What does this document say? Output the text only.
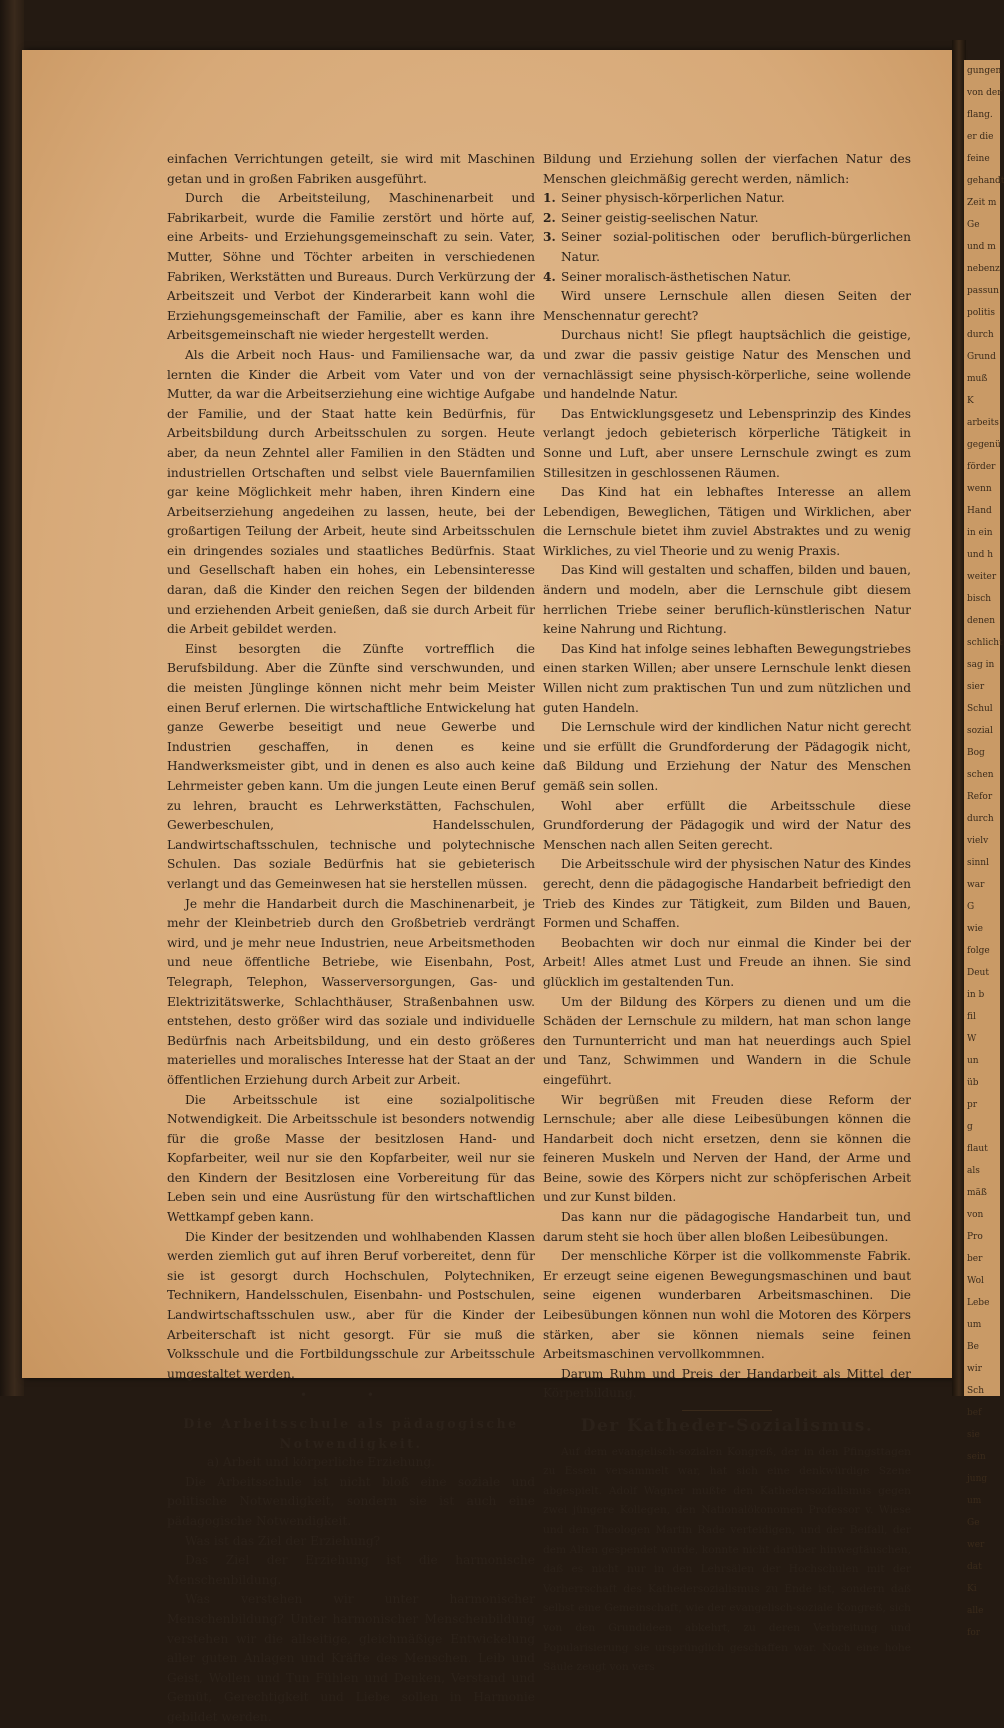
einfachen Verrichtungen geteilt, sie wird mit Maschinen getan und in großen Fabriken ausgeführt.

Durch die Arbeitsteilung, Maschinenarbeit und Fabrikarbeit, wurde die Familie zerstört und hörte auf, eine Arbeits- und Erziehungsgemeinschaft zu sein. Vater, Mutter, Söhne und Töchter arbeiten in verschiedenen Fabriken, Werkstätten und Bureaus. Durch Verkürzung der Arbeitszeit und Verbot der Kinderarbeit kann wohl die Erziehungsgemeinschaft der Familie, aber es kann ihre Arbeitsgemeinschaft nie wieder hergestellt werden.

Als die Arbeit noch Haus- und Familiensache war, da lernten die Kinder die Arbeit vom Vater und von der Mutter, da war die Arbeitserziehung eine wichtige Aufgabe der Familie, und der Staat hatte kein Bedürfnis, für Arbeitsbildung durch Arbeitsschulen zu sorgen. Heute aber, da neun Zehntel aller Familien in den Städten und industriellen Ortschaften und selbst viele Bauernfamilien gar keine Möglichkeit mehr haben, ihren Kindern eine Arbeitserziehung angedeihen zu lassen, heute, bei der großartigen Teilung der Arbeit, heute sind Arbeitsschulen ein dringendes soziales und staatliches Bedürfnis. Staat und Gesellschaft haben ein hohes, ein Lebensinteresse daran, daß die Kinder den reichen Segen der bildenden und erziehenden Arbeit genießen, daß sie durch Arbeit für die Arbeit gebildet werden.

Einst besorgten die Zünfte vortrefflich die Berufsbildung. Aber die Zünfte sind verschwunden, und die meisten Jünglinge können nicht mehr beim Meister einen Beruf erlernen. Die wirtschaftliche Entwickelung hat ganze Gewerbe beseitigt und neue Gewerbe und Industrien geschaffen, in denen es keine Handwerksmeister gibt, und in denen es also auch keine Lehrmeister geben kann. Um die jungen Leute einen Beruf zu lehren, braucht es Lehrwerkstätten, Fachschulen, Gewerbeschulen, Handelsschulen, Landwirtschaftsschulen, technische und polytechnische Schulen. Das soziale Bedürfnis hat sie gebieterisch verlangt und das Gemeinwesen hat sie herstellen müssen.

Je mehr die Handarbeit durch die Maschinenarbeit, je mehr der Kleinbetrieb durch den Großbetrieb verdrängt wird, und je mehr neue Industrien, neue Arbeitsmethoden und neue öffentliche Betriebe, wie Eisenbahn, Post, Telegraph, Telephon, Wasserversorgungen, Gas- und Elektrizitätswerke, Schlachthäuser, Straßenbahnen usw. entstehen, desto größer wird das soziale und individuelle Bedürfnis nach Arbeitsbildung, und ein desto größeres materielles und moralisches Interesse hat der Staat an der öffentlichen Erziehung durch Arbeit zur Arbeit.

Die Arbeitsschule ist eine sozialpolitische Notwendigkeit. Die Arbeitsschule ist besonders notwendig für die große Masse der besitzlosen Hand- und Kopfarbeiter, weil nur sie den Kopfarbeiter, weil nur sie den Kindern der Besitzlosen eine Vorbereitung für das Leben sein und eine Ausrüstung für den wirtschaftlichen Wettkampf geben kann.

Die Kinder der besitzenden und wohlhabenden Klassen werden ziemlich gut auf ihren Beruf vorbereitet, denn für sie ist gesorgt durch Hochschulen, Polytechniken, Technikern, Handelsschulen, Eisenbahn- und Postschulen, Landwirtschaftsschulen usw., aber für die Kinder der Arbeiterschaft ist nicht gesorgt. Für sie muß die Volksschule und die Fortbildungsschule zur Arbeitsschule umgestaltet werden.

• •
Die Arbeitsschule als pädagogische Notwendigkeit.

a) Arbeit und körperliche Erziehung.

Die Arbeitsschule ist nicht bloß eine soziale und politische Notwendigkeit, sondern sie ist auch eine pädagogische Notwendigkeit.

Was ist das Ziel der Erziehung?

Das Ziel der Erziehung ist die harmonische Menschenbildung.

Was verstehen wir unter harmonischer Menschenbildung? Unter harmonischer Menschenbildung verstehen wir die allseitige, gleichmäßige Entwickelung aller guten Anlagen und Kräfte des Menschen. Leib und Geist, Wollen und Tun Fühlen und Denken, Verstand und Gemüt, Gerechtigkeit und Liebe sollen in Harmonie gebildet werden.

Bildung und Erziehung sollen der vierfachen Natur des Menschen gleichmäßig gerecht werden, nämlich:

1. Seiner physisch-körperlichen Natur.
2. Seiner geistig-seelischen Natur.
3. Seiner sozial-politischen oder beruflich-bürgerlichen Natur.
4. Seiner moralisch-ästhetischen Natur.

Wird unsere Lernschule allen diesen Seiten der Menschennatur gerecht?

Durchaus nicht! Sie pflegt hauptsächlich die geistige, und zwar die passiv geistige Natur des Menschen und vernachlässigt seine physisch-körperliche, seine wollende und handelnde Natur.

Das Entwicklungsgesetz und Lebensprinzip des Kindes verlangt jedoch gebieterisch körperliche Tätigkeit in Sonne und Luft, aber unsere Lernschule zwingt es zum Stillesitzen in geschlossenen Räumen.

Das Kind hat ein lebhaftes Interesse an allem Lebendigen, Beweglichen, Tätigen und Wirklichen, aber die Lernschule bietet ihm zuviel Abstraktes und zu wenig Wirkliches, zu viel Theorie und zu wenig Praxis.

Das Kind will gestalten und schaffen, bilden und bauen, ändern und modeln, aber die Lernschule gibt diesem herrlichen Triebe seiner beruflich-künstlerischen Natur keine Nahrung und Richtung.

Das Kind hat infolge seines lebhaften Bewegungstriebes einen starken Willen; aber unsere Lernschule lenkt diesen Willen nicht zum praktischen Tun und zum nützlichen und guten Handeln.

Die Lernschule wird der kindlichen Natur nicht gerecht und sie erfüllt die Grundforderung der Pädagogik nicht, daß Bildung und Erziehung der Natur des Menschen gemäß sein sollen.

Wohl aber erfüllt die Arbeitsschule diese Grundforderung der Pädagogik und wird der Natur des Menschen nach allen Seiten gerecht.

Die Arbeitsschule wird der physischen Natur des Kindes gerecht, denn die pädagogische Handarbeit befriedigt den Trieb des Kindes zur Tätigkeit, zum Bilden und Bauen, Formen und Schaffen.

Beobachten wir doch nur einmal die Kinder bei der Arbeit! Alles atmet Lust und Freude an ihnen. Sie sind glücklich im gestaltenden Tun.

Um der Bildung des Körpers zu dienen und um die Schäden der Lernschule zu mildern, hat man schon lange den Turnunterricht und man hat neuerdings auch Spiel und Tanz, Schwimmen und Wandern in die Schule eingeführt.

Wir begrüßen mit Freuden diese Reform der Lernschule; aber alle diese Leibesübungen können die Handarbeit doch nicht ersetzen, denn sie können die feineren Muskeln und Nerven der Hand, der Arme und Beine, sowie des Körpers nicht zur schöpferischen Arbeit und zur Kunst bilden.

Das kann nur die pädagogische Handarbeit tun, und darum steht sie hoch über allen bloßen Leibesübungen.

Der menschliche Körper ist die vollkommenste Fabrik. Er erzeugt seine eigenen Bewegungsmaschinen und baut seine eigenen wunderbaren Arbeitsmaschinen. Die Leibesübungen können nun wohl die Motoren des Körpers stärken, aber sie können niemals seine feinen Arbeitsmaschinen vervollkommnen.

Darum Ruhm und Preis der Handarbeit als Mittel der Körperbildung.

Der Katheder-Sozialismus.

Auf dem evangelisch-sozialen Kongreß, der in den Pfingsttagen zu Essen versammelt war, hat sich eine denkwürdige Szene abgespielt. Adolf Wagner mußte den Kathedersozialismus gegen zwei jüngere Kollegen, den Nationalökonomen Professor v. Wiese und den Theologen Martin Rade verteidigen, und der Beifall, der dem Alten gespendet wurde, konnte nicht darüber hinwegtäuschen, daß es nicht nur in den Lehrsälen der Hochschulen mit der Vorherrschaft des Kathedersozialismus zu Ende ist, sondern daß selbst eine Gemeinschaft, wie der evangelisch-soziale Kongreß, sich von den Grundideen abkehrt, zu deren Verbreitung und Popularisierung sie ursprünglich geschaffen war. Noch eine hohe Säule zeugt von vers

gungen
von der
flang.
er die
feine
gehandt
Zeit m
Ge
und m
nebenz
passun
politis
durch
Grund
muß
K
arbeits
gegenü
förder
wenn
Hand
in ein
und h
weiter
bisch
denen
schlicht
sag in
sier
Schul
sozial
Bog
schen
Refor
durch
vielv
sinnl
war
G
wie
folge
Deut
in b
fil
W
un
üb
pr
g
flaut
als
mäß
von
Pro
ber
Wol
Lebe
um
Be
wir
Sch
bef
sie
sein
jung
um
Ge
wer
dat
Ki
alle
for
